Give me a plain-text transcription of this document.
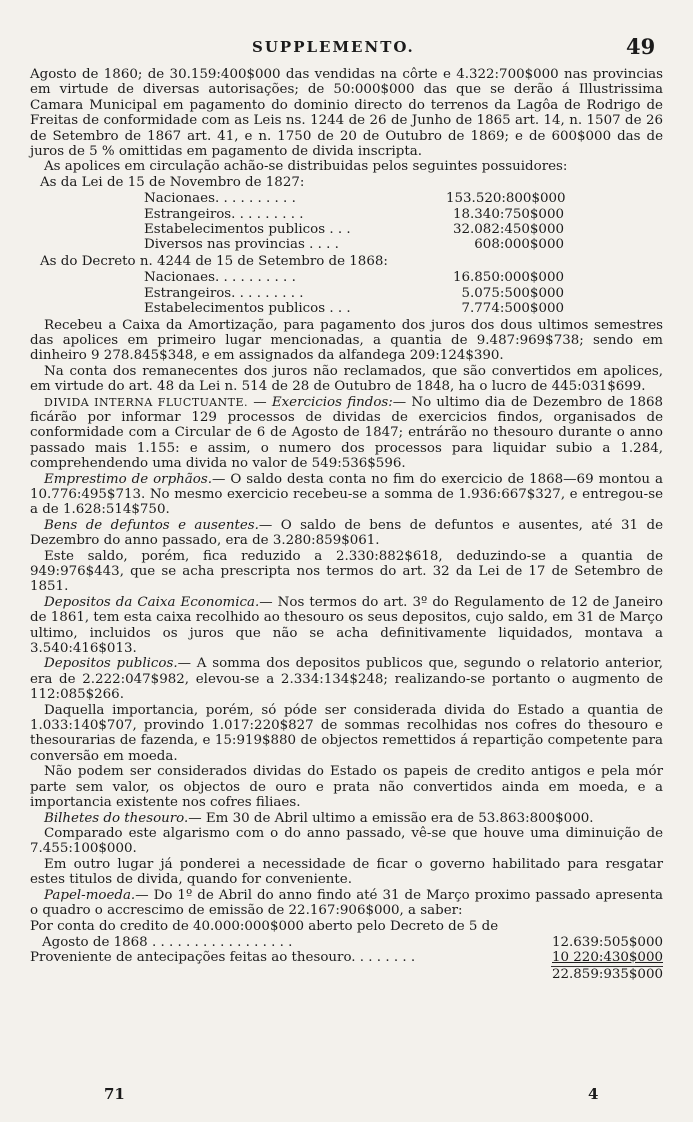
SUPPLEMENTO.	49

Agosto de 1860; de 30.159:400$000 das vendidas na côrte e 4.322:700$000 nas provincias em virtude de diversas autorisações; de 50:000$000 das que se derão á Illustrissima Camara Municipal em pagamento do dominio directo do terrenos da Lagôa de Rodrigo de Freitas de conformidade com as Leis ns. 1244 de 26 de Junho de 1865 art. 14, n. 1507 de 26 de Setembro de 1867 art. 41, e n. 1750 de 20 de Outubro de 1869; e de 600$000 das de juros de 5 % omittidas em pagamento de divida inscripta.

As apolices em circulação achão-se distribuidas pelos seguintes possuidores:

As da Lei de 15 de Novembro de 1827:

Nacionaes. . . . . . . . . .	153.520:800$000
Estrangeiros. . . . . . . . .	18.340:750$000
Estabelecimentos publicos . . .	32.082:450$000
Diversos nas provincias . . . .	608:000$000

As do Decreto n. 4244 de 15 de Setembro de 1868:

Nacionaes. . . . . . . . . .	16.850:000$000
Estrangeiros. . . . . . . . .	5.075:500$000
Estabelecimentos publicos . . .	7.774:500$000

Recebeu a Caixa da Amortização, para pagamento dos juros dos dous ultimos semestres das apolices em primeiro lugar mencionadas, a quantia de 9.487:969$738; sendo em dinheiro 9 278.845$348, e em assignados da alfandega 209:124$390.

Na conta dos remanecentes dos juros não reclamados, que são convertidos em apolices, em virtude do art. 48 da Lei n. 514 de 28 de Outubro de 1848, ha o lucro de 445:031$699.

DIVIDA INTERNA FLUCTUANTE. — Exercicios findos:— No ultimo dia de Dezembro de 1868 ficárão por informar 129 processos de dividas de exercicios findos, organisados de conformidade com a Circular de 6 de Agosto de 1847; entrárão no thesouro durante o anno passado mais 1.155: e assim, o numero dos processos para liquidar subio a 1.284, comprehendendo uma divida no valor de 549:536$596.

Emprestimo de orphãos.— O saldo desta conta no fim do exercicio de 1868—69 montou a 10.776:495$713. No mesmo exercicio recebeu-se a somma de 1.936:667$327, e entregou-se a de 1.628:514$750.

Bens de defuntos e ausentes.— O saldo de bens de defuntos e ausentes, até 31 de Dezembro do anno passado, era de 3.280:859$061.

Este saldo, porém, fica reduzido a 2.330:882$618, deduzindo-se a quantia de 949:976$443, que se acha prescripta nos termos do art. 32 da Lei de 17 de Setembro de 1851.

Depositos da Caixa Economica.— Nos termos do art. 3º do Regulamento de 12 de Janeiro de 1861, tem esta caixa recolhido ao thesouro os seus depositos, cujo saldo, em 31 de Março ultimo, incluidos os juros que não se acha definitivamente liquidados, montava a 3.540:416$013.

Depositos publicos.— A somma dos depositos publicos que, segundo o relatorio anterior, era de 2.222:047$982, elevou-se a 2.334:134$248; realizando-se portanto o augmento de 112:085$266.

Daquella importancia, porém, só póde ser considerada divida do Estado a quantia de 1.033:140$707, provindo 1.017:220$827 de sommas recolhidas nos cofres do thesouro e thesourarias de fazenda, e 15:919$880 de objectos remettidos á repartição competente para conversão em moeda.

Não podem ser considerados dividas do Estado os papeis de credito antigos e pela mór parte sem valor, os objectos de ouro e prata não convertidos ainda em moeda, e a importancia existente nos cofres filiaes.

Bilhetes do thesouro.— Em 30 de Abril ultimo a emissão era de 53.863:800$000.

Comparado este algarismo com o do anno passado, vê-se que houve uma diminuição de 7.455:100$000.

Em outro lugar já ponderei a necessidade de ficar o governo habilitado para resgatar estes titulos de divida, quando for conveniente.

Papel-moeda.— Do 1º de Abril do anno findo até 31 de Março proximo passado apresenta o quadro o accrescimo de emissão de 22.167:906$000, a saber:

Por conta do credito de 40.000:000$000 aberto pelo Decreto de 5 de
Agosto de 1868 . . . . . . . . . . . . . . . . .	12.639:505$000
Proveniente de antecipações feitas ao thesouro. . . . . . . .	10 220:430$000
22.859:935$000
71	4
